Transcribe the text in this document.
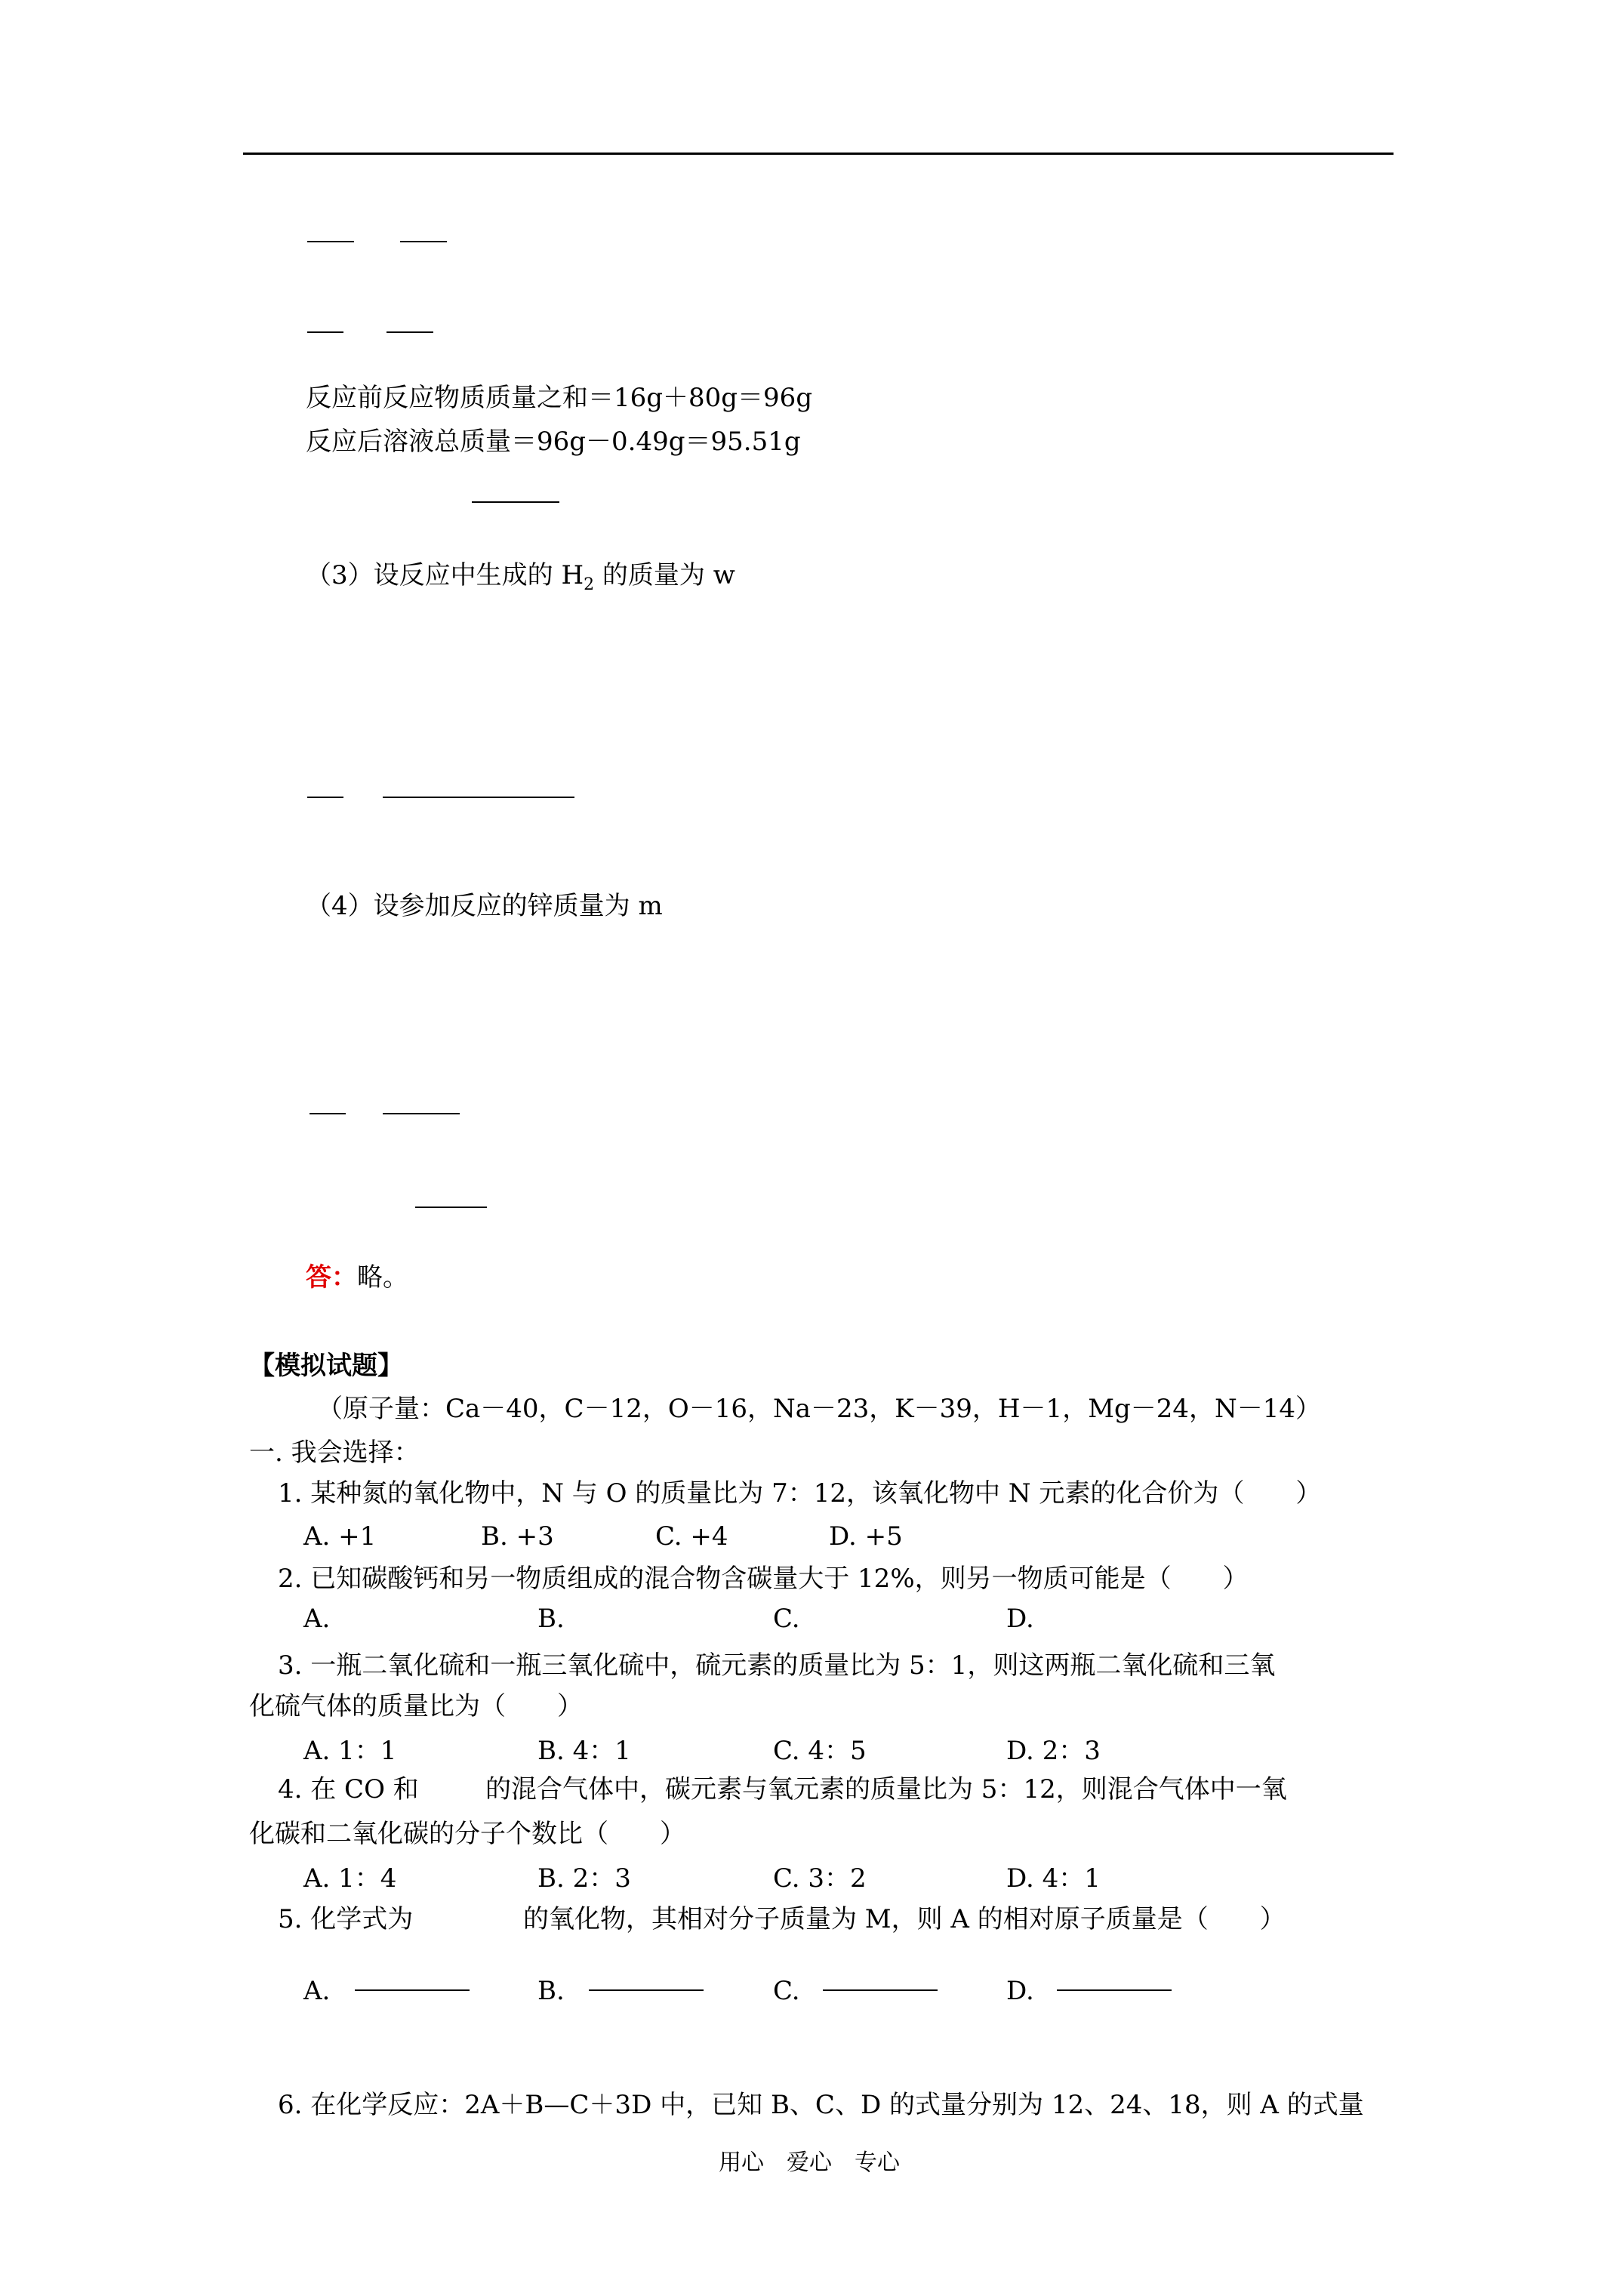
反应前反应物质质量之和＝16g＋80g＝96g
反应后溶液总质量＝96g－0.49g＝95.51g
（3）设反应中生成的 $H_2$ 的质量为 w
（4）设参加反应的锌质量为 m
答：略。
【模拟试题】
（原子量：Ca－40，C－12，O－16，Na－23，K－39，H－1，Mg－24，N－14）
一. 我会选择：
1. 某种氮的氧化物中，N 与 O 的质量比为 7：12，该氧化物中 N 元素的化合价为（　　）
A. +1	B. +3	C. +4	D. +5
2. 已知碳酸钙和另一物质组成的混合物含碳量大于 12%，则另一物质可能是（　　）
A.	B.	C.	D.
3. 一瓶二氧化硫和一瓶三氧化硫中，硫元素的质量比为 5：1，则这两瓶二氧化硫和三氧
化硫气体的质量比为（　　）
A. 1：1	B. 4：1	C. 4：5	D. 2：3
4. 在 CO 和	的混合气体中，碳元素与氧元素的质量比为 5：12，则混合气体中一氧
化碳和二氧化碳的分子个数比（　　）
A. 1：4	B. 2：3	C. 3：2	D. 4：1
5. 化学式为	的氧化物，其相对分子质量为 M，则 A 的相对原子质量是（　　）
A.	B.	C.	D.
6. 在化学反应：2A＋B—C＋3D 中，已知 B、C、D 的式量分别为 12、24、18，则 A 的式量
用心　爱心　专心
